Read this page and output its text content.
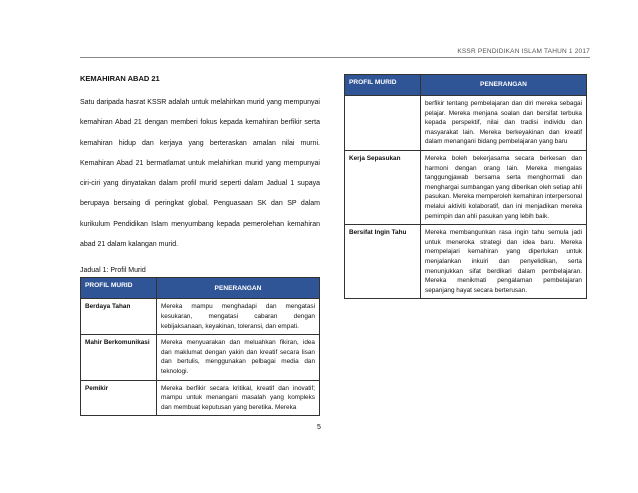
KSSR PENDIDIKAN ISLAM TAHUN 1 2017
KEMAHIRAN ABAD 21

Satu daripada hasrat KSSR adalah untuk melahirkan murid yang mempunyai kemahiran Abad 21 dengan memberi fokus kepada kemahiran berfikir serta kemahiran hidup dan kerjaya yang berteraskan amalan nilai murni. Kemahiran Abad 21 bermatlamat untuk melahirkan murid yang mempunyai ciri-ciri yang dinyatakan dalam profil murid seperti dalam Jadual 1 supaya berupaya bersaing di peringkat global. Penguasaan SK dan SP dalam kurikulum Pendidikan Islam menyumbang kepada pemerolehan kemahiran abad 21 dalam kalangan murid.

Jadual 1: Profil Murid
PROFIL MURID	PENERANGAN
Berdaya Tahan	Mereka mampu menghadapi dan mengatasi kesukaran, mengatasi cabaran dengan kebijaksanaan, keyakinan, toleransi, dan empati.
Mahir Berkomunikasi	Mereka menyuarakan dan meluahkan fikiran, idea dan maklumat dengan yakin dan kreatif secara lisan dan bertulis, menggunakan pelbagai media dan teknologi.
Pemikir	Mereka berfikir secara kritikal, kreatif dan inovatif; mampu untuk menangani masalah yang kompleks dan membuat keputusan yang beretika. Mereka
PROFIL MURID	PENERANGAN
	berfikir tentang pembelajaran dan diri mereka sebagai pelajar. Mereka menjana soalan dan bersifat terbuka kepada perspektif, nilai dan tradisi individu dan masyarakat lain. Mereka berkeyakinan dan kreatif dalam menangani bidang pembelajaran yang baru
Kerja Sepasukan	Mereka boleh bekerjasama secara berkesan dan harmoni dengan orang lain. Mereka mengalas tanggungjawab bersama serta menghormati dan menghargai sumbangan yang diberikan oleh setiap ahli pasukan. Mereka memperoleh kemahiran interpersonal melalui aktiviti kolaboratif, dan ini menjadikan mereka pemimpin dan ahli pasukan yang lebih baik.
Bersifat Ingin Tahu	Mereka membangunkan rasa ingin tahu semula jadi untuk meneroka strategi dan idea baru. Mereka mempelajari kemahiran yang diperlukan untuk menjalankan inkuiri dan penyelidikan, serta menunjukkan sifat berdikari dalam pembelajaran. Mereka menikmati pengalaman pembelajaran sepanjang hayat secara berterusan.
5
